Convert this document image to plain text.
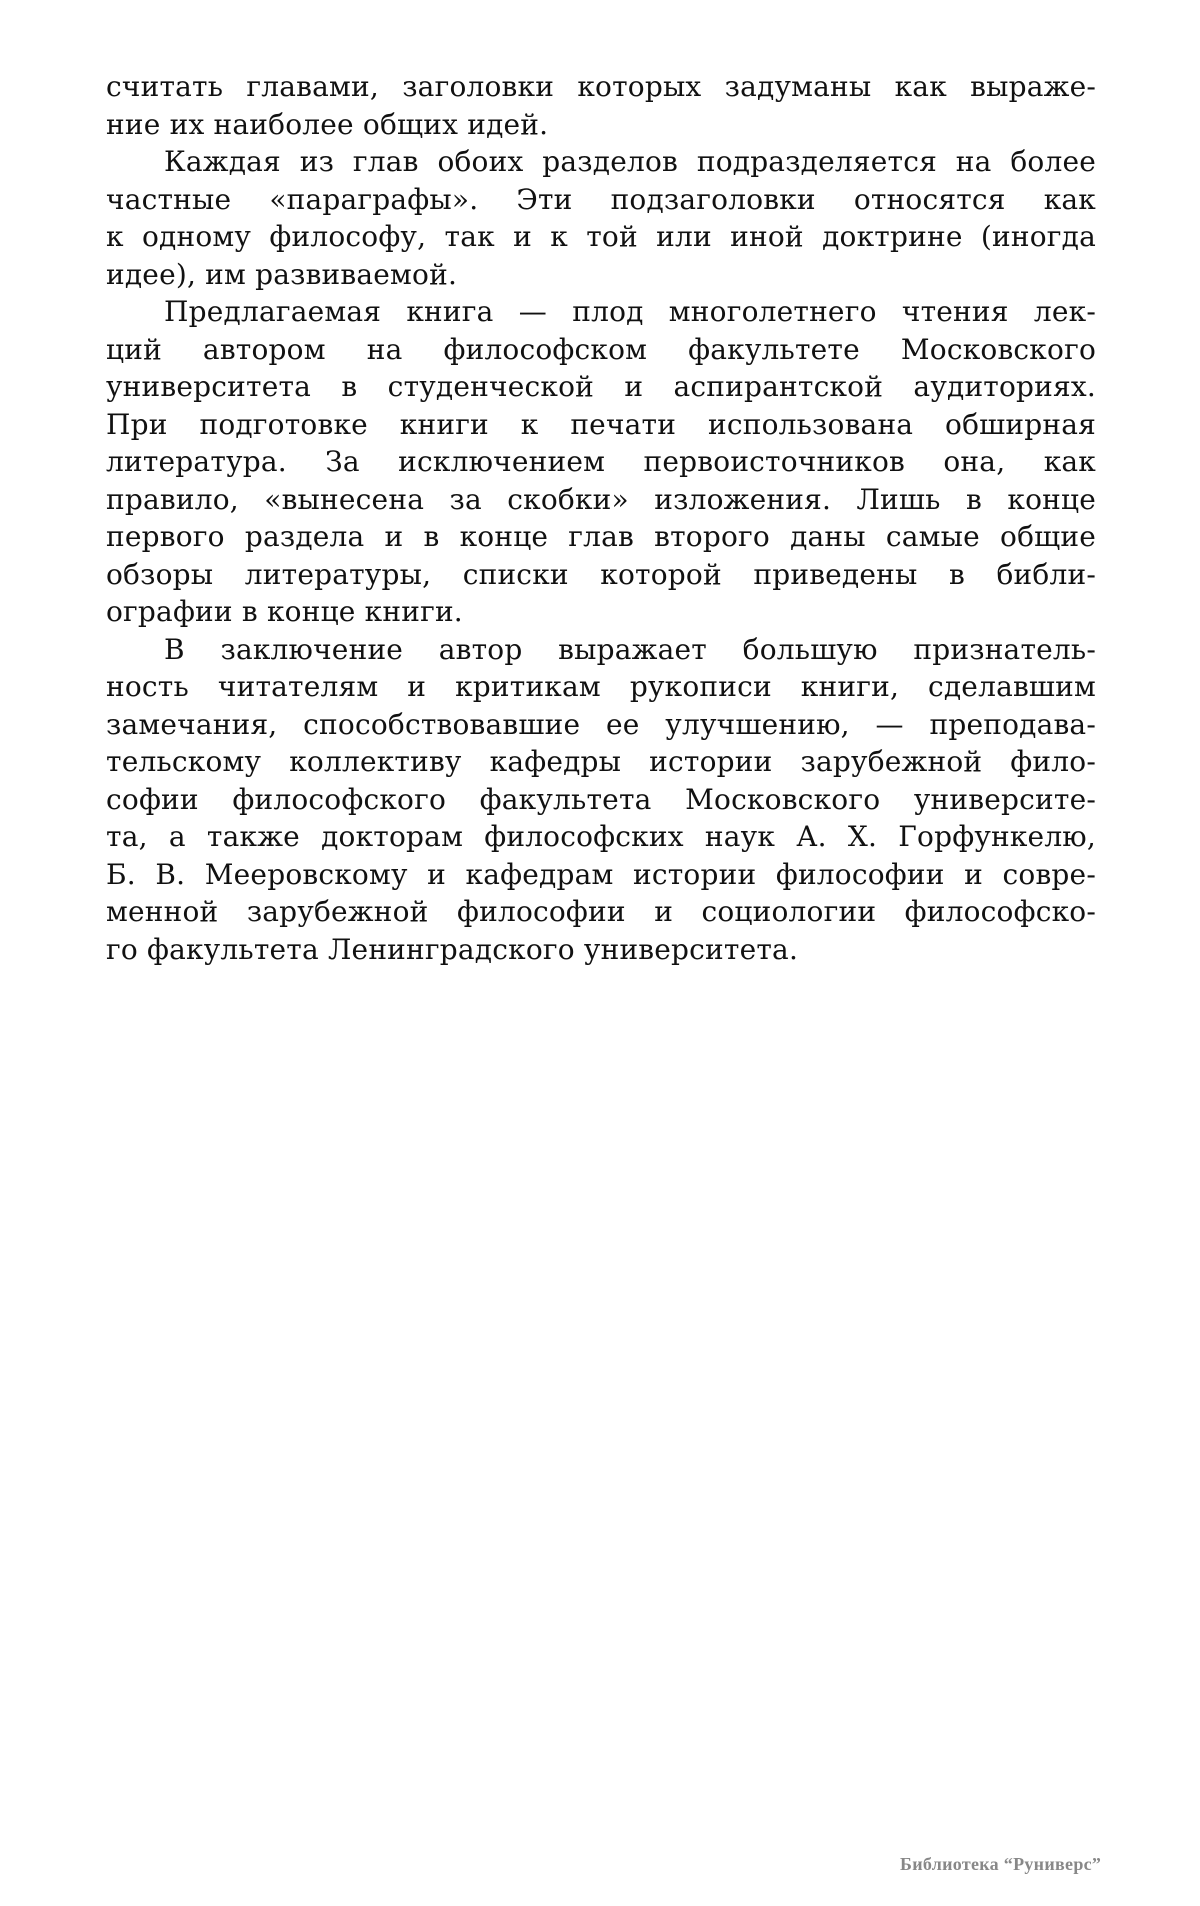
считать главами, заголовки которых задуманы как выраже-
ние их наиболее общих идей.
Каждая из глав обоих разделов подразделяется на более
частные «параграфы». Эти подзаголовки относятся как
к одному философу, так и к той или иной доктрине (иногда
идее), им развиваемой.
Предлагаемая книга — плод многолетнего чтения лек-
ций автором на философском факультете Московского
университета в студенческой и аспирантской аудиториях.
При подготовке книги к печати использована обширная
литература. За исключением первоисточников она, как
правило, «вынесена за скобки» изложения. Лишь в конце
первого раздела и в конце глав второго даны самые общие
обзоры литературы, списки которой приведены в библи-
ографии в конце книги.
В заключение автор выражает большую признатель-
ность читателям и критикам рукописи книги, сделавшим
замечания, способствовавшие ее улучшению, — преподава-
тельскому коллективу кафедры истории зарубежной фило-
софии философского факультета Московского университе-
та, а также докторам философских наук А. Х. Горфункелю,
Б. В. Мееровскому и кафедрам истории философии и совре-
менной зарубежной философии и социологии философско-
го факультета Ленинградского университета.
Библиотека “Руниверс”
